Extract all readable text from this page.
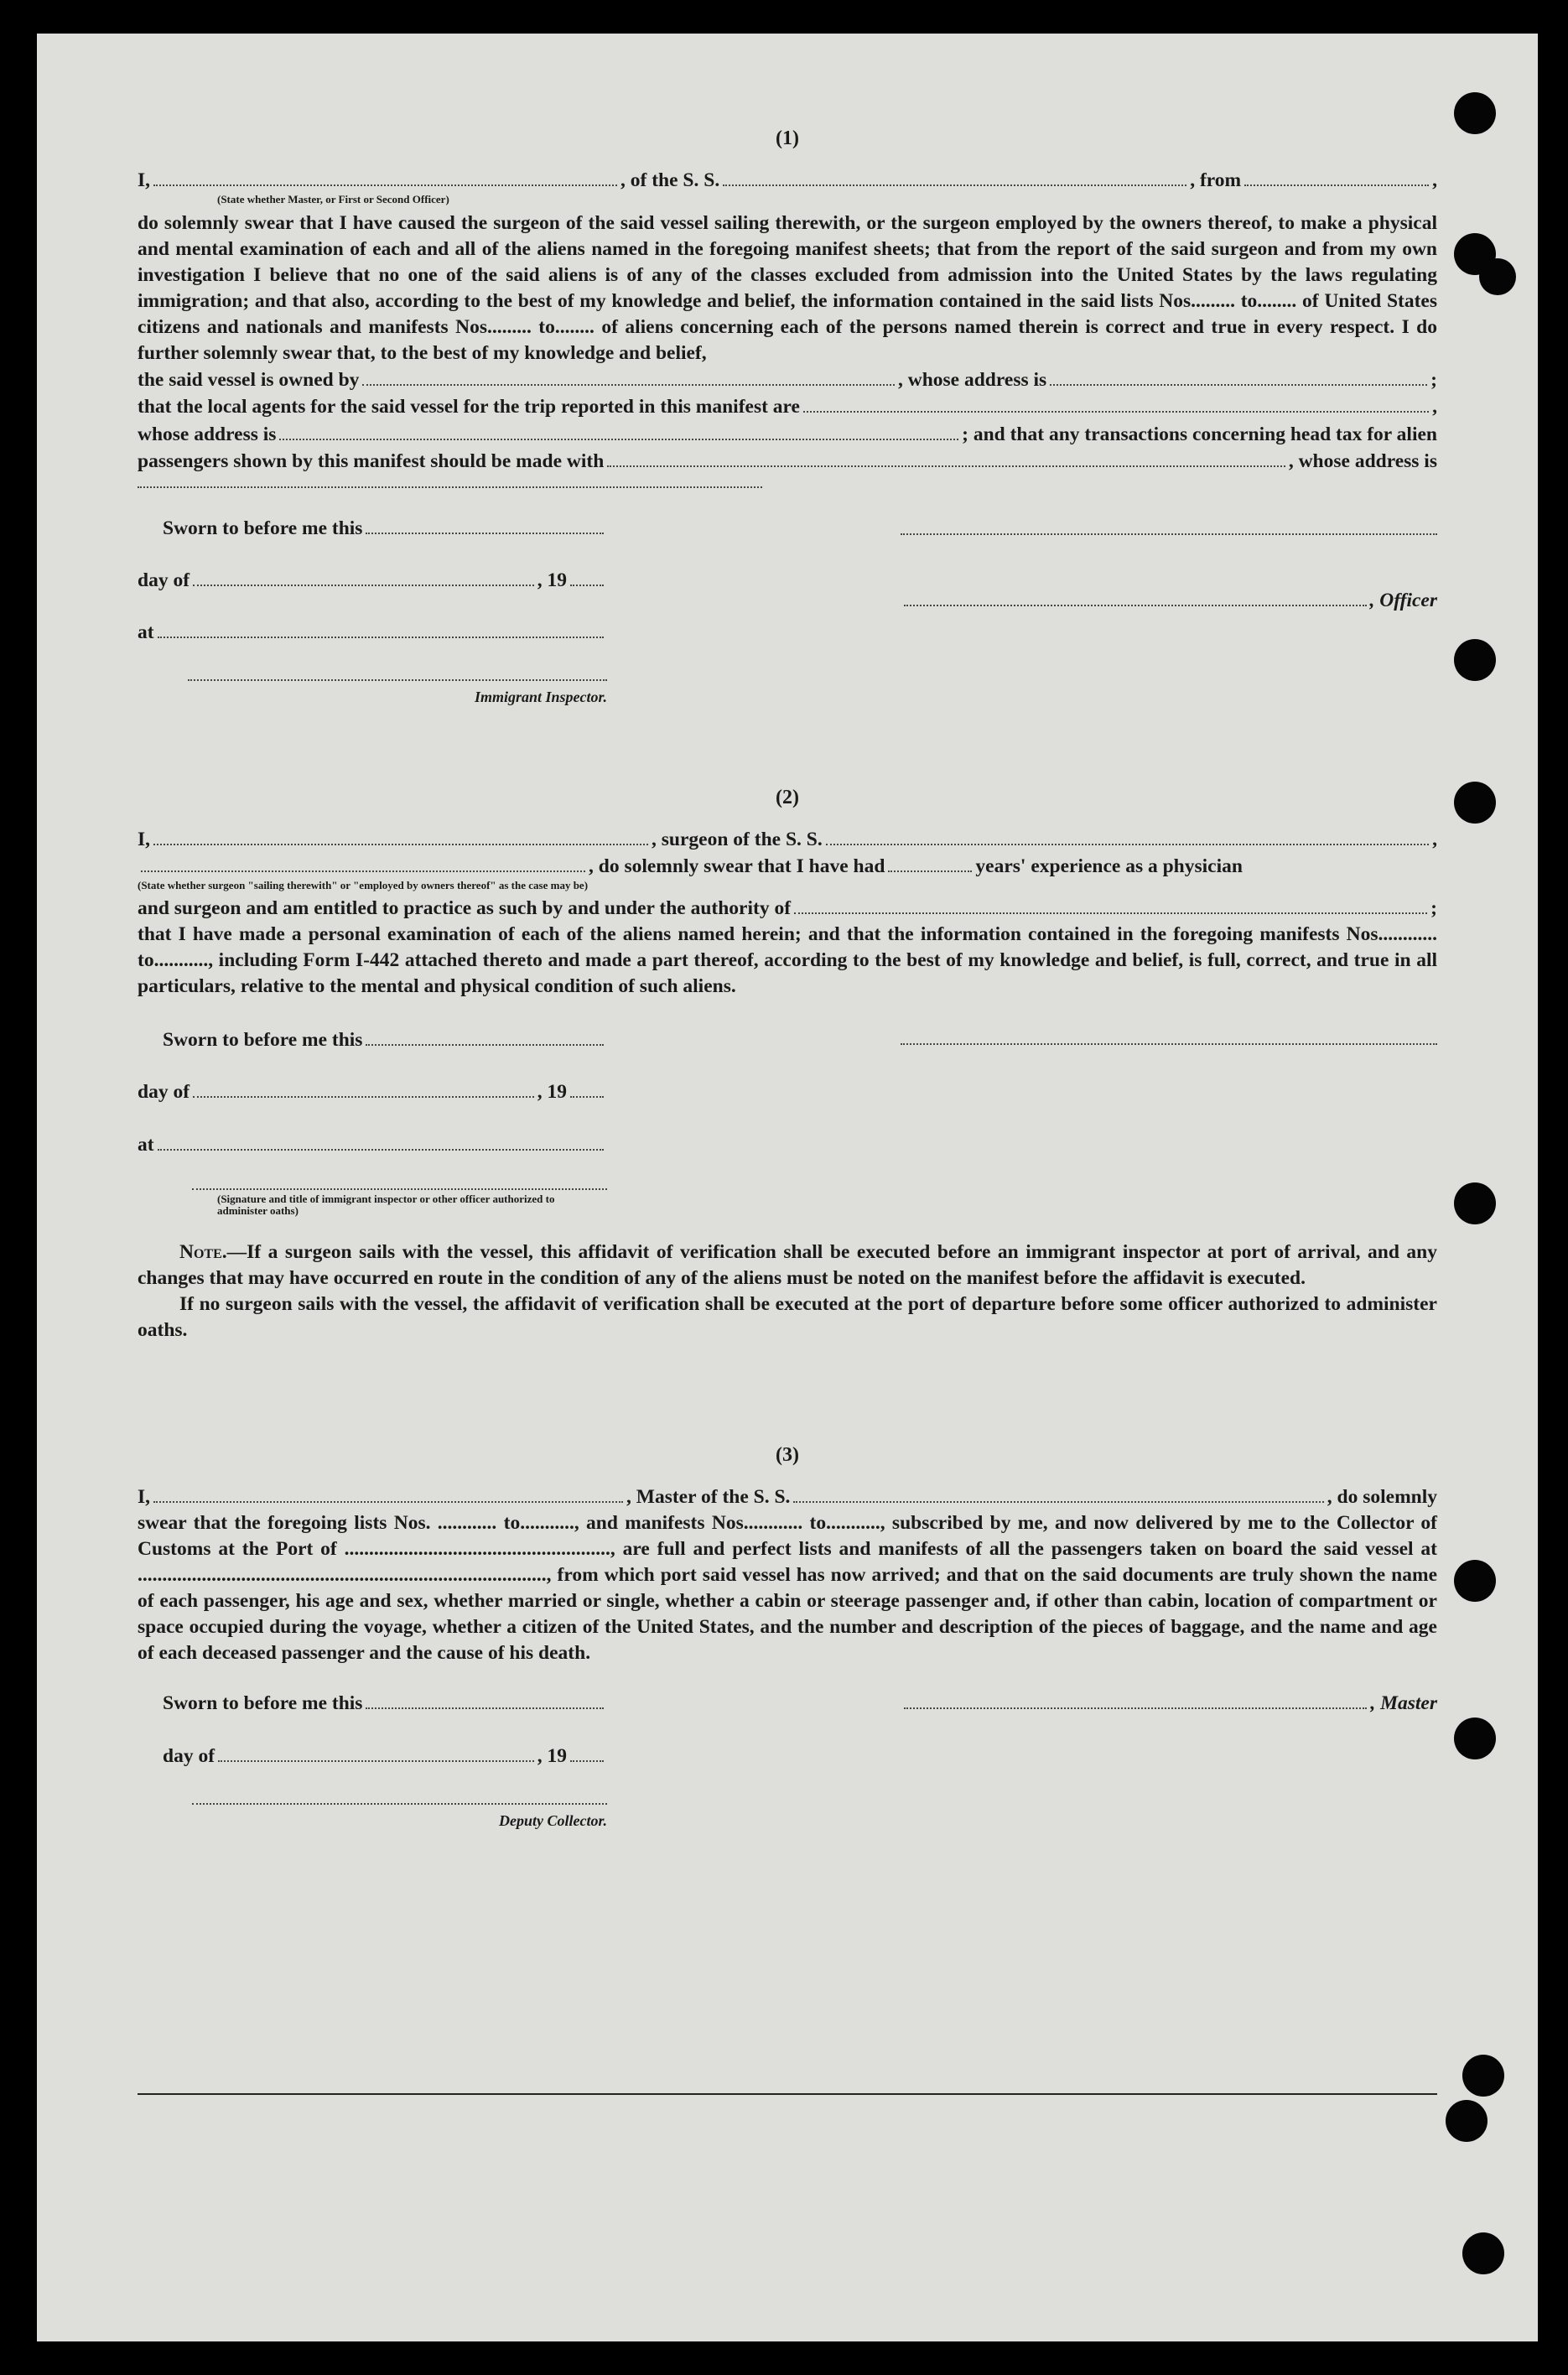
(1)
I,	, of the S. S.	, from	,
(State whether Master, or First or Second Officer)

do solemnly swear that I have caused the surgeon of the said vessel sailing therewith, or the surgeon employed by the owners thereof, to make a physical and mental examination of each and all of the aliens named in the foregoing manifest sheets; that from the report of the said surgeon and from my own investigation I believe that no one of the said aliens is of any of the classes excluded from admission into the United States by the laws regulating immigration; and that also, according to the best of my knowledge and belief, the information contained in the said lists Nos......... to........ of United States citizens and nationals and manifests Nos......... to........ of aliens concerning each of the persons named therein is correct and true in every respect. I do further solemnly swear that, to the best of my knowledge and belief,

the said vessel is owned by	, whose address is	;
that the local agents for the said vessel for the trip reported in this manifest are	,
whose address is	; and that any transactions concerning head tax for alien
passengers shown by this manifest should be made with	, whose address is
Sworn to before me this
day of	, 19
at
Immigrant Inspector.
, Officer
(2)
I,	, surgeon of the S. S.	,
, do solemnly swear that I have had	years' experience as a physician
(State whether surgeon "sailing therewith" or "employed by owners thereof" as the case may be)
and surgeon and am entitled to practice as such by and under the authority of	;

that I have made a personal examination of each of the aliens named herein; and that the information contained in the foregoing manifests Nos............ to..........., including Form I-442 attached thereto and made a part thereof, according to the best of my knowledge and belief, is full, correct, and true in all particulars, relative to the mental and physical condition of such aliens.

Sworn to before me this
day of	, 19
at
(Signature and title of immigrant inspector or other officer authorized to administer oaths)

Note.—If a surgeon sails with the vessel, this affidavit of verification shall be executed before an immigrant inspector at port of arrival, and any changes that may have occurred en route in the condition of any of the aliens must be noted on the manifest before the affidavit is executed.

If no surgeon sails with the vessel, the affidavit of verification shall be executed at the port of departure before some officer authorized to administer oaths.

(3)
I,	, Master of the S. S.	, do solemnly

swear that the foregoing lists Nos. ............ to..........., and manifests Nos............ to..........., subscribed by me, and now delivered by me to the Collector of Customs at the Port of ......................................................, are full and perfect lists and manifests of all the passengers taken on board the said vessel at ..................................................................................., from which port said vessel has now arrived; and that on the said documents are truly shown the name of each passenger, his age and sex, whether married or single, whether a cabin or steerage passenger and, if other than cabin, location of compartment or space occupied during the voyage, whether a citizen of the United States, and the number and description of the pieces of baggage, and the name and age of each deceased passenger and the cause of his death.

Sworn to before me this
day of	, 19
Deputy Collector.
, Master
